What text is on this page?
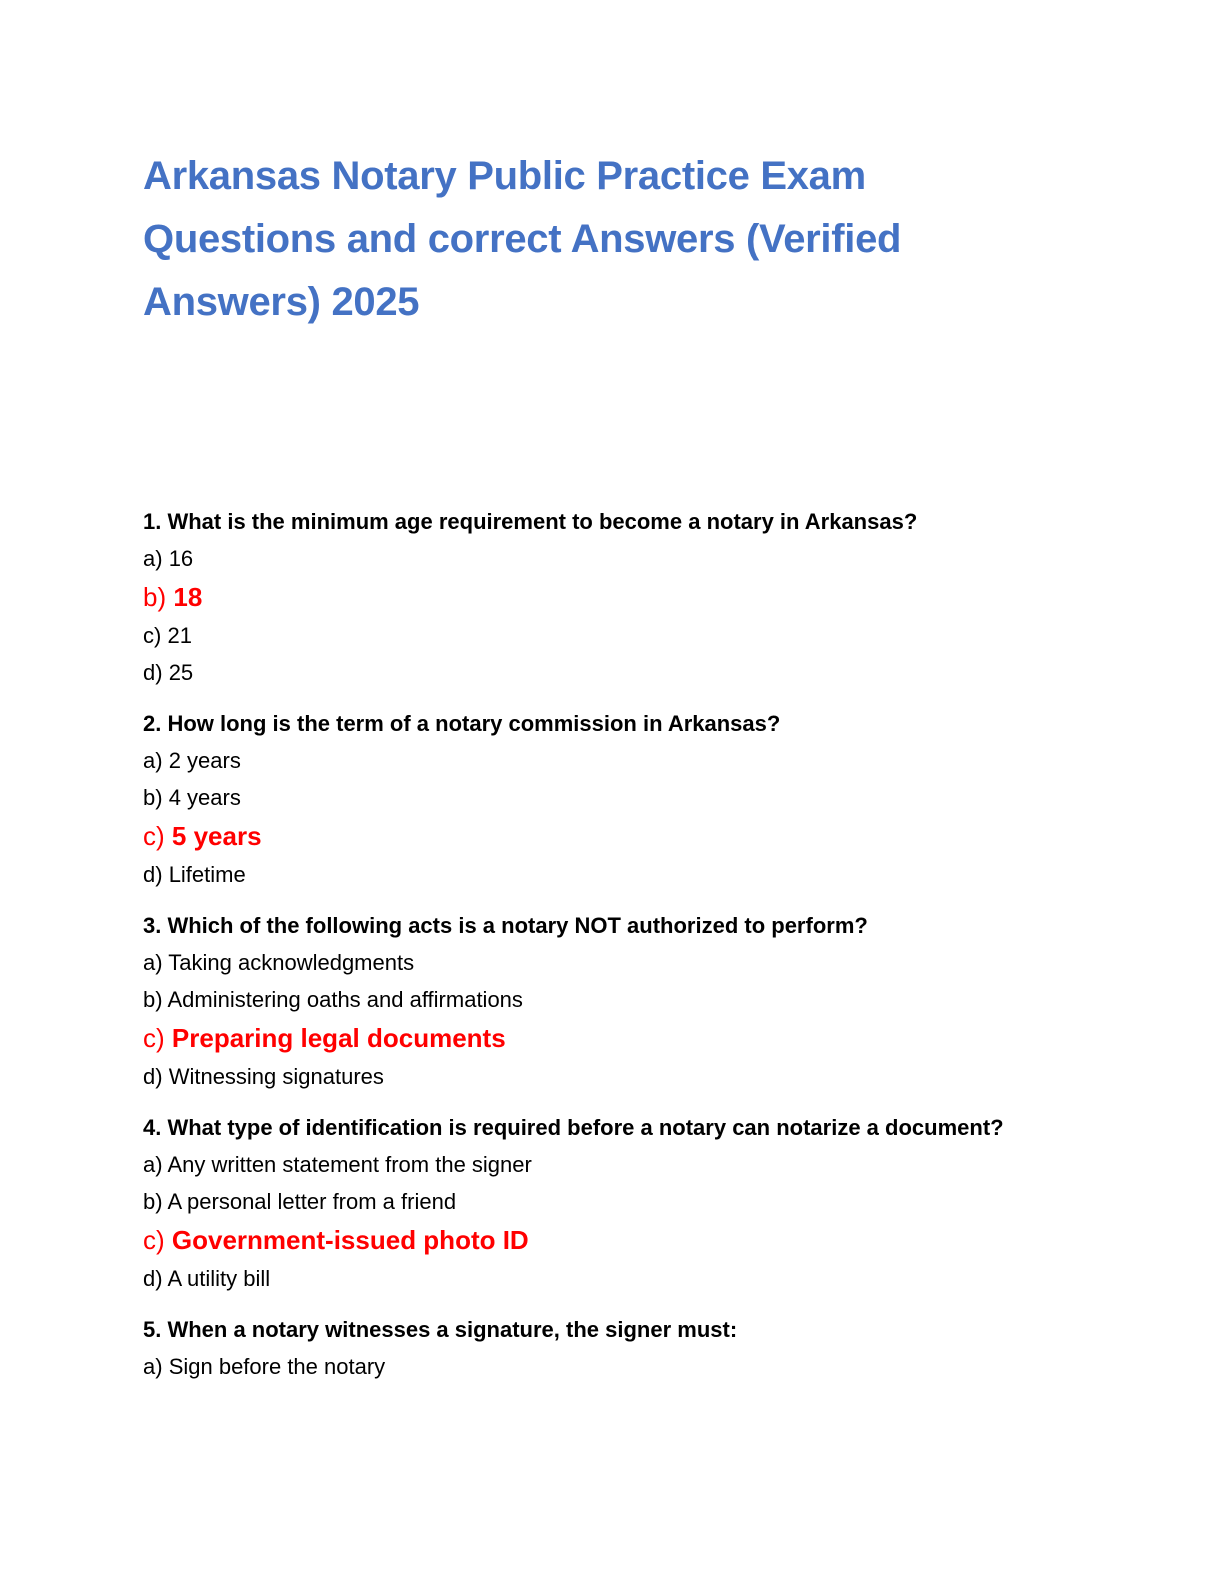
Arkansas Notary Public Practice Exam Questions and correct Answers (Verified Answers) 2025

1. What is the minimum age requirement to become a notary in Arkansas?

a) 16

b) 18

c) 21

d) 25

2. How long is the term of a notary commission in Arkansas?

a) 2 years

b) 4 years

c) 5 years

d) Lifetime

3. Which of the following acts is a notary NOT authorized to perform?

a) Taking acknowledgments

b) Administering oaths and affirmations

c) Preparing legal documents

d) Witnessing signatures

4. What type of identification is required before a notary can notarize a document?

a) Any written statement from the signer

b) A personal letter from a friend

c) Government-issued photo ID

d) A utility bill

5. When a notary witnesses a signature, the signer must:

a) Sign before the notary
